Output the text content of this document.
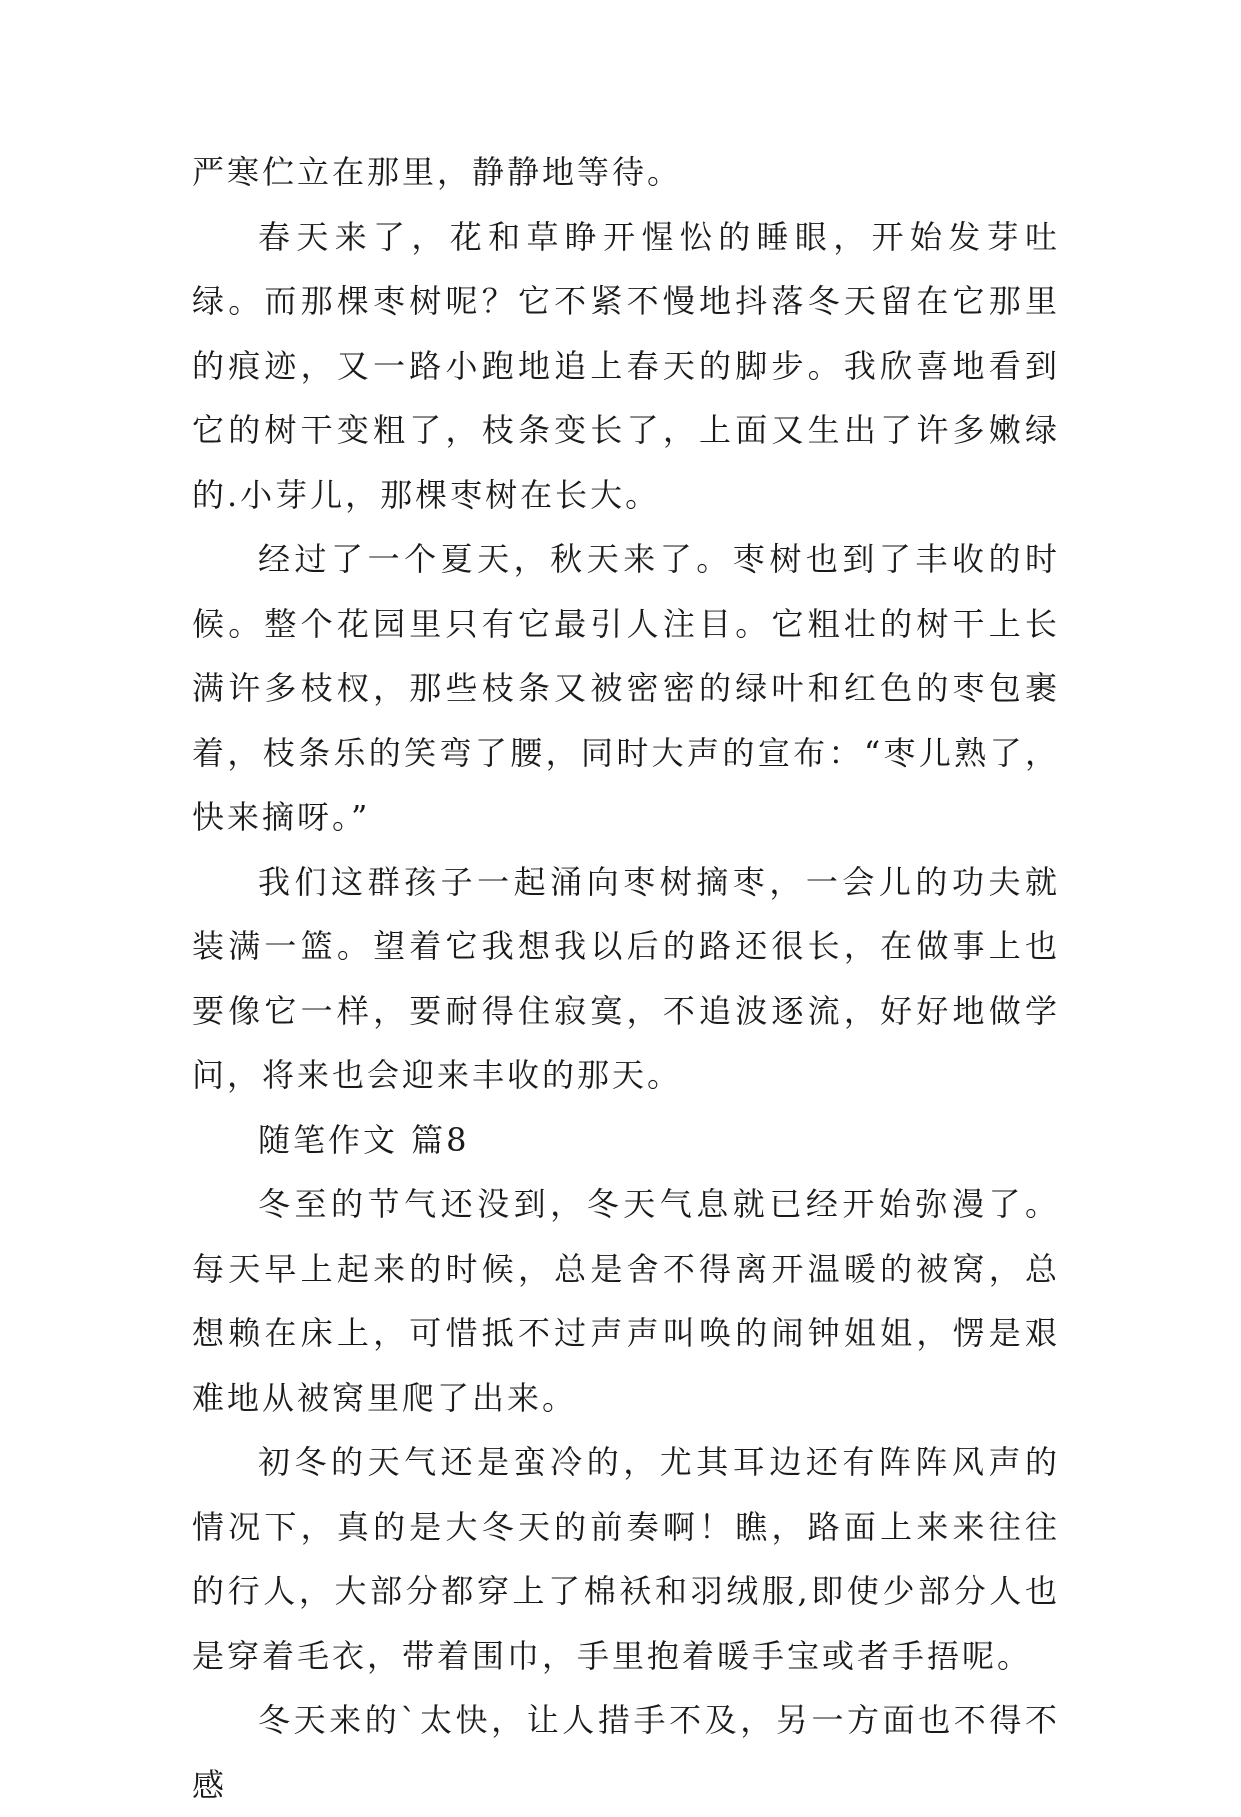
严寒伫立在那里，静静地等待。

春天来了，花和草睁开惺忪的睡眼，开始发芽吐绿。而那棵枣树呢？它不紧不慢地抖落冬天留在它那里的痕迹，又一路小跑地追上春天的脚步。我欣喜地看到它的树干变粗了，枝条变长了，上面又生出了许多嫩绿的.小芽儿，那棵枣树在长大。

经过了一个夏天，秋天来了。枣树也到了丰收的时候。整个花园里只有它最引人注目。它粗壮的树干上长满许多枝杈，那些枝条又被密密的绿叶和红色的枣包裹着，枝条乐的笑弯了腰，同时大声的宣布：“枣儿熟了，快来摘呀。”

我们这群孩子一起涌向枣树摘枣，一会儿的功夫就装满一篮。望着它我想我以后的路还很长，在做事上也要像它一样，要耐得住寂寞，不追波逐流，好好地做学问，将来也会迎来丰收的那天。

随笔作文 篇8

冬至的节气还没到，冬天气息就已经开始弥漫了。每天早上起来的时候，总是舍不得离开温暖的被窝，总想赖在床上，可惜抵不过声声叫唤的闹钟姐姐，愣是艰难地从被窝里爬了出来。

初冬的天气还是蛮冷的，尤其耳边还有阵阵风声的情况下，真的是大冬天的前奏啊！瞧，路面上来来往往的行人，大部分都穿上了棉袄和羽绒服,即使少部分人也是穿着毛衣，带着围巾，手里抱着暖手宝或者手捂呢。

冬天来的`太快，让人措手不及，另一方面也不得不感
